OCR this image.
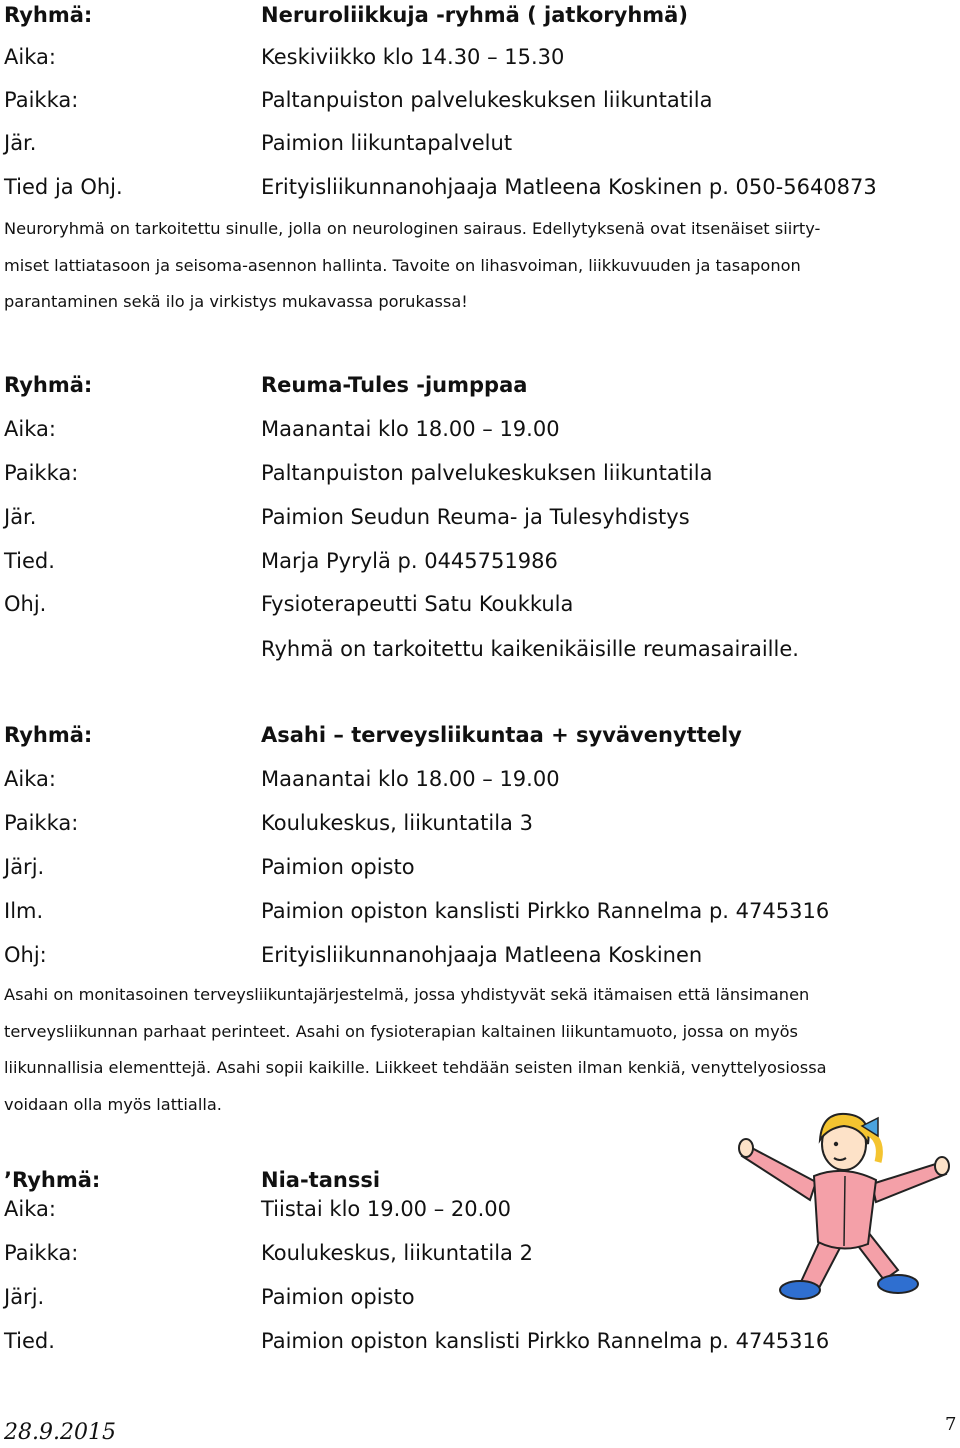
Ryhmä:	Neruroliikkuja -ryhmä ( jatkoryhmä)
Aika:	Keskiviikko klo 14.30 – 15.30
Paikka:	Paltanpuiston palvelukeskuksen liikuntatila
Jär.	Paimion liikuntapalvelut
Tied ja Ohj.	Erityisliikunnanohjaaja Matleena Koskinen p. 050-5640873
Neuroryhmä on tarkoitettu sinulle, jolla on neurologinen sairaus. Edellytyksenä ovat itsenäiset siirty-
miset lattiatasoon ja seisoma-asennon hallinta. Tavoite on lihasvoiman, liikkuvuuden ja tasaponon
parantaminen sekä ilo ja virkistys mukavassa porukassa!
Ryhmä:	Reuma-Tules -jumppaa
Aika:	Maanantai klo 18.00 – 19.00
Paikka:	Paltanpuiston palvelukeskuksen liikuntatila
Jär.	Paimion Seudun Reuma- ja Tulesyhdistys
Tied.	Marja Pyrylä p. 0445751986
Ohj.	Fysioterapeutti Satu Koukkula
Ryhmä on tarkoitettu kaikenikäisille reumasairaille.
Ryhmä:	Asahi – terveysliikuntaa + syvävenyttely
Aika:	Maanantai klo 18.00 – 19.00
Paikka:	Koulukeskus, liikuntatila 3
Järj.	Paimion opisto
Ilm.	Paimion opiston kanslisti Pirkko Rannelma p. 4745316
Ohj:	Erityisliikunnanohjaaja Matleena Koskinen
Asahi on monitasoinen terveysliikuntajärjestelmä, jossa yhdistyvät sekä itämaisen että länsimanen
terveysliikunnan parhaat perinteet. Asahi on fysioterapian kaltainen liikuntamuoto, jossa on myös
liikunnallisia elementtejä. Asahi sopii kaikille. Liikkeet tehdään seisten ilman kenkiä, venyttelyosiossa
voidaan olla myös lattialla.
’Ryhmä:	Nia-tanssi
Aika:	Tiistai klo 19.00 – 20.00
Paikka:	Koulukeskus, liikuntatila 2
Järj.	Paimion opisto
Tied.	Paimion opiston kanslisti Pirkko Rannelma p. 4745316
28.9.2015	7
